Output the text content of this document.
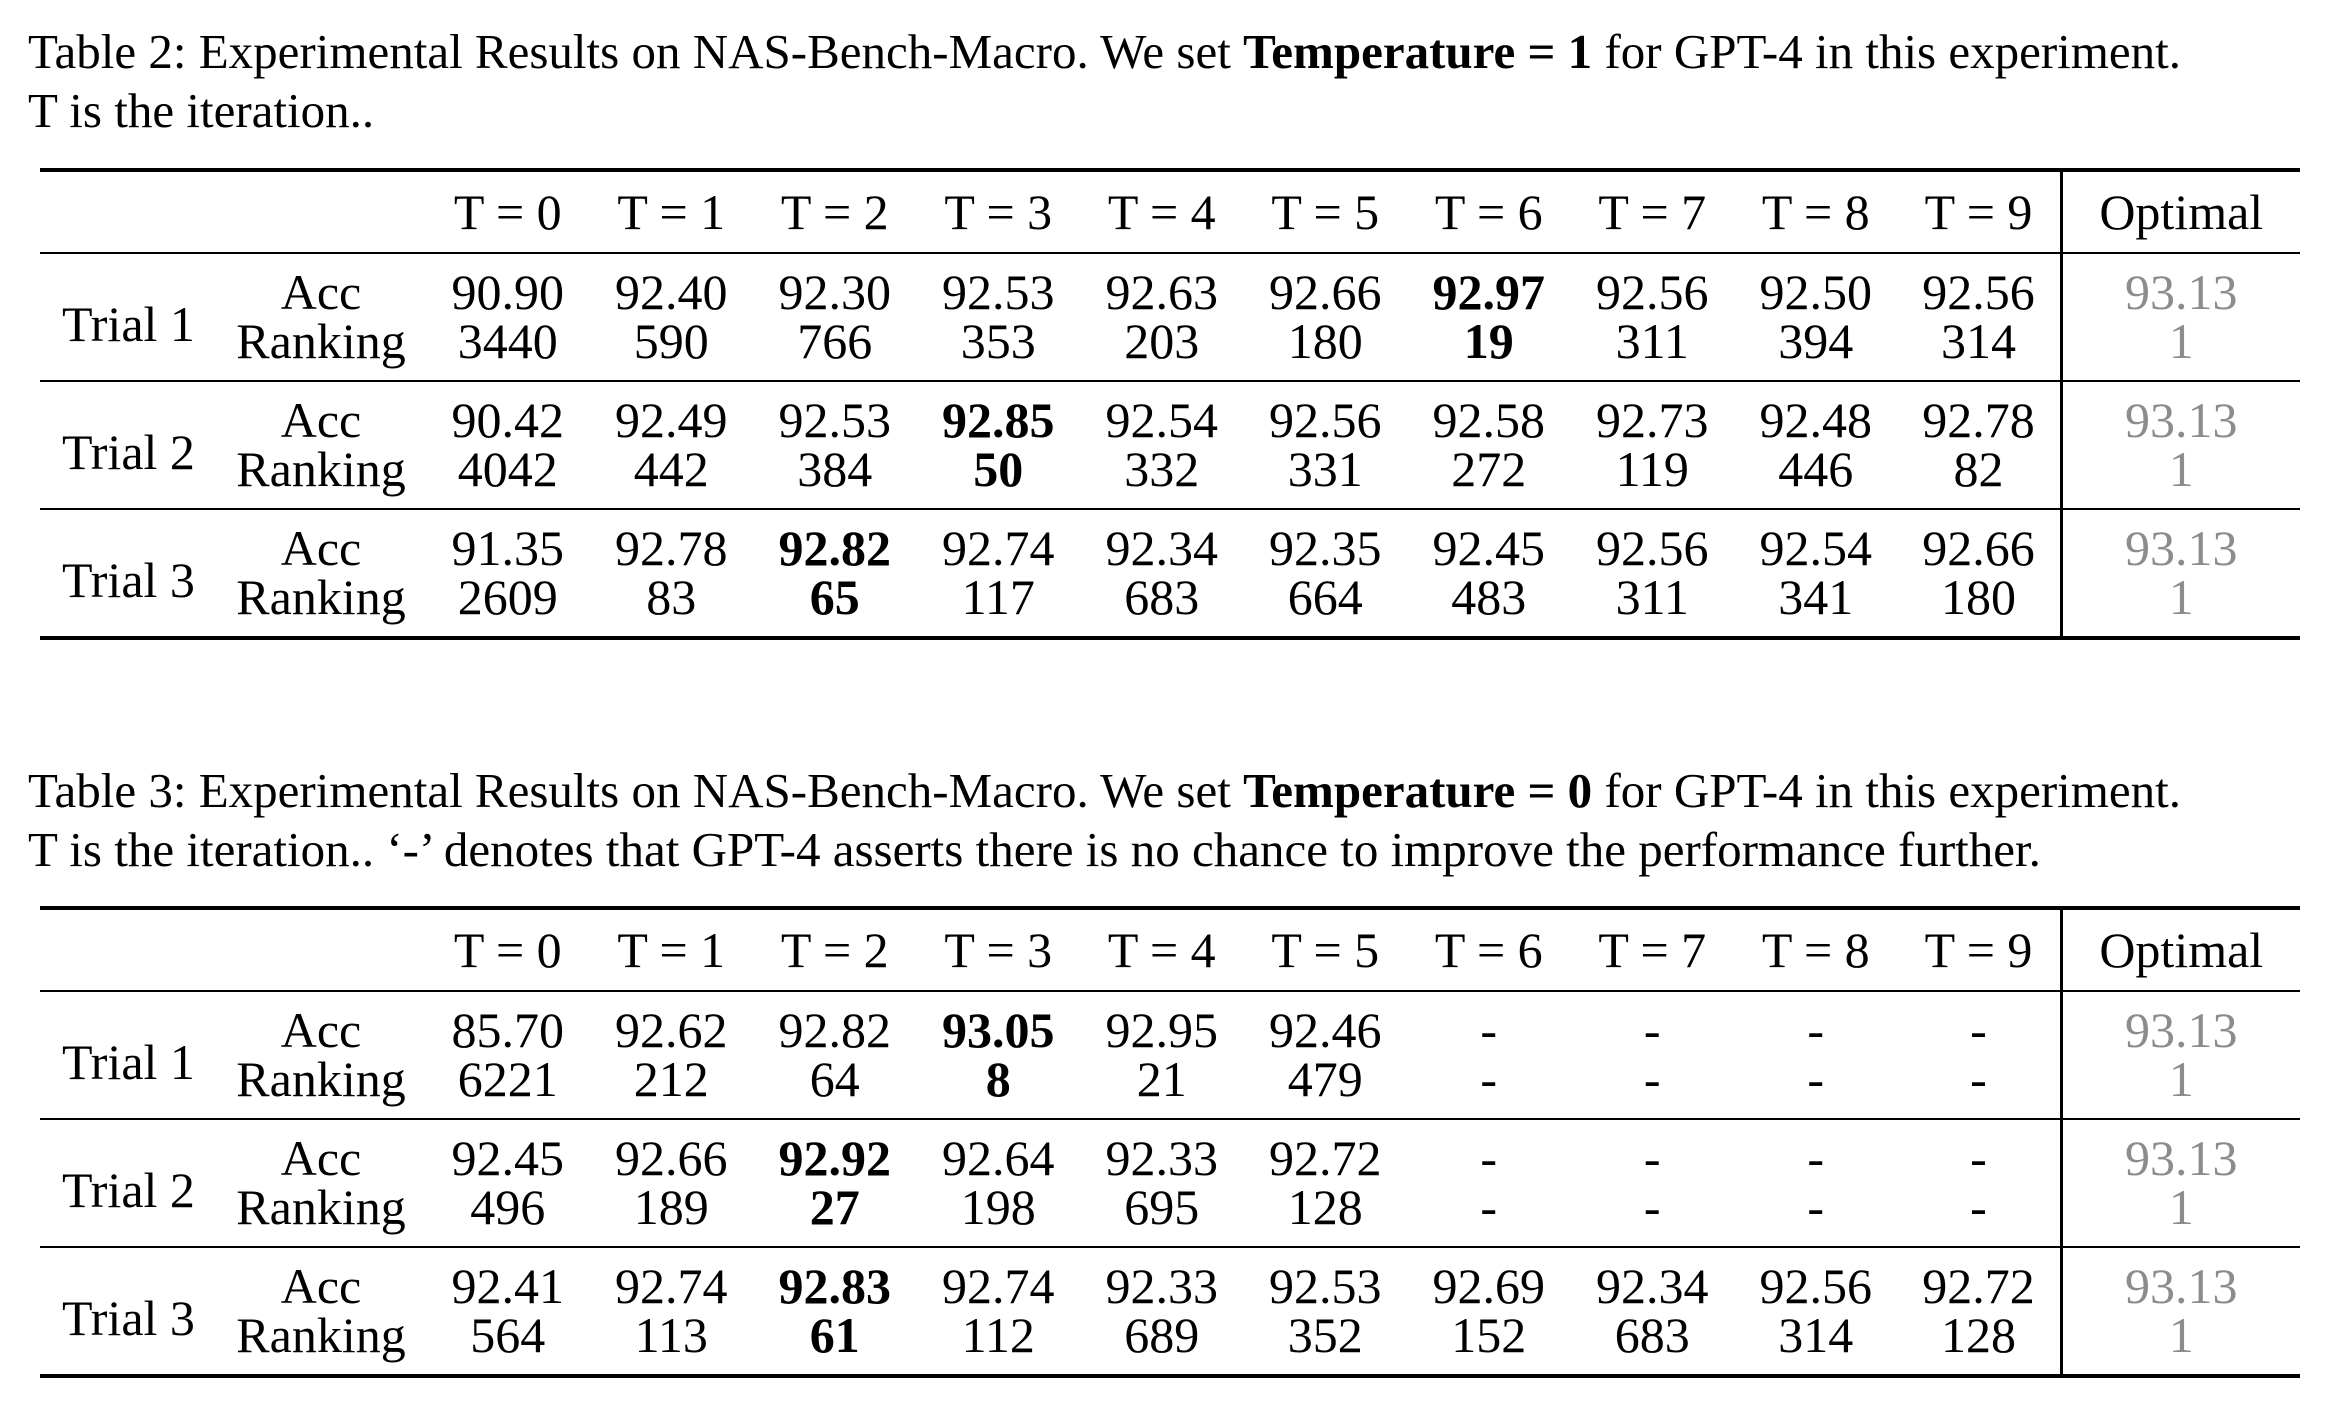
Table 2: Experimental Results on NAS-Bench-Macro. We set Temperature = 1 for GPT-4 in this experiment.
T is the iteration..
		T = 0	T = 1	T = 2	T = 3	T = 4	T = 5	T = 6	T = 7	T = 8	T = 9	Optimal
Trial 1	Acc	90.90	92.40	92.30	92.53	92.63	92.66	92.97	92.56	92.50	92.56	93.13
	Ranking	3440	590	766	353	203	180	19	311	394	314	1
Trial 2	Acc	90.42	92.49	92.53	92.85	92.54	92.56	92.58	92.73	92.48	92.78	93.13
	Ranking	4042	442	384	50	332	331	272	119	446	82	1
Trial 3	Acc	91.35	92.78	92.82	92.74	92.34	92.35	92.45	92.56	92.54	92.66	93.13
	Ranking	2609	83	65	117	683	664	483	311	341	180	1
Table 3: Experimental Results on NAS-Bench-Macro. We set Temperature = 0 for GPT-4 in this experiment.
T is the iteration.. ‘-’ denotes that GPT-4 asserts there is no chance to improve the performance further.
		T = 0	T = 1	T = 2	T = 3	T = 4	T = 5	T = 6	T = 7	T = 8	T = 9	Optimal
Trial 1	Acc	85.70	92.62	92.82	93.05	92.95	92.46	-	-	-	-	93.13
	Ranking	6221	212	64	8	21	479	-	-	-	-	1
Trial 2	Acc	92.45	92.66	92.92	92.64	92.33	92.72	-	-	-	-	93.13
	Ranking	496	189	27	198	695	128	-	-	-	-	1
Trial 3	Acc	92.41	92.74	92.83	92.74	92.33	92.53	92.69	92.34	92.56	92.72	93.13
	Ranking	564	113	61	112	689	352	152	683	314	128	1
